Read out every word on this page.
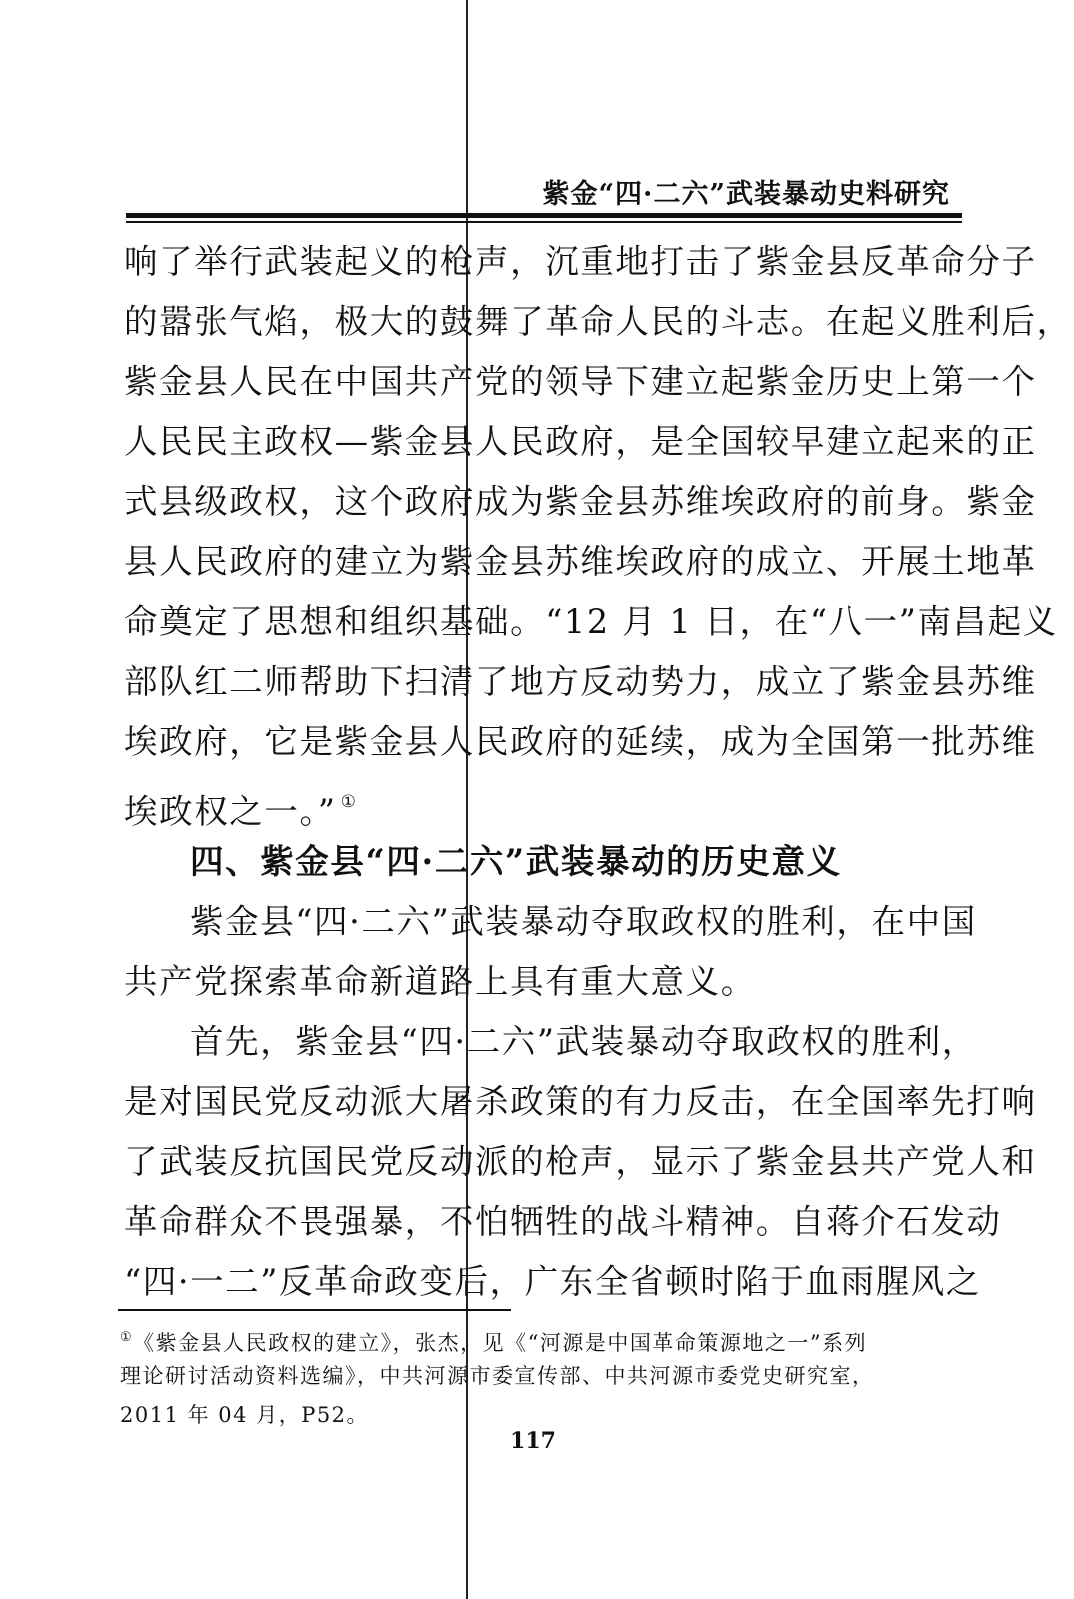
紫金“四·二六”武装暴动史料研究
响了举行武装起义的枪声，沉重地打击了紫金县反革命分子
的嚣张气焰，极大的鼓舞了革命人民的斗志。在起义胜利后，
紫金县人民在中国共产党的领导下建立起紫金历史上第一个
人民民主政权—紫金县人民政府，是全国较早建立起来的正
式县级政权，这个政府成为紫金县苏维埃政府的前身。紫金
县人民政府的建立为紫金县苏维埃政府的成立、开展土地革
命奠定了思想和组织基础。“12 月 1 日，在“八一”南昌起义
部队红二师帮助下扫清了地方反动势力，成立了紫金县苏维
埃政府，它是紫金县人民政府的延续，成为全国第一批苏维
埃政权之一。” ①
四、紫金县“四·二六”武装暴动的历史意义
紫金县“四·二六”武装暴动夺取政权的胜利，在中国
共产党探索革命新道路上具有重大意义。
首先，紫金县“四·二六”武装暴动夺取政权的胜利，
是对国民党反动派大屠杀政策的有力反击，在全国率先打响
了武装反抗国民党反动派的枪声，显示了紫金县共产党人和
革命群众不畏强暴，不怕牺牲的战斗精神。自蒋介石发动
“四·一二”反革命政变后，广东全省顿时陷于血雨腥风之
①《紫金县人民政权的建立》，张杰，见《“河源是中国革命策源地之一”系列
理论研讨活动资料选编》，中共河源市委宣传部、中共河源市委党史研究室，
2011 年 04 月，P52。
117
